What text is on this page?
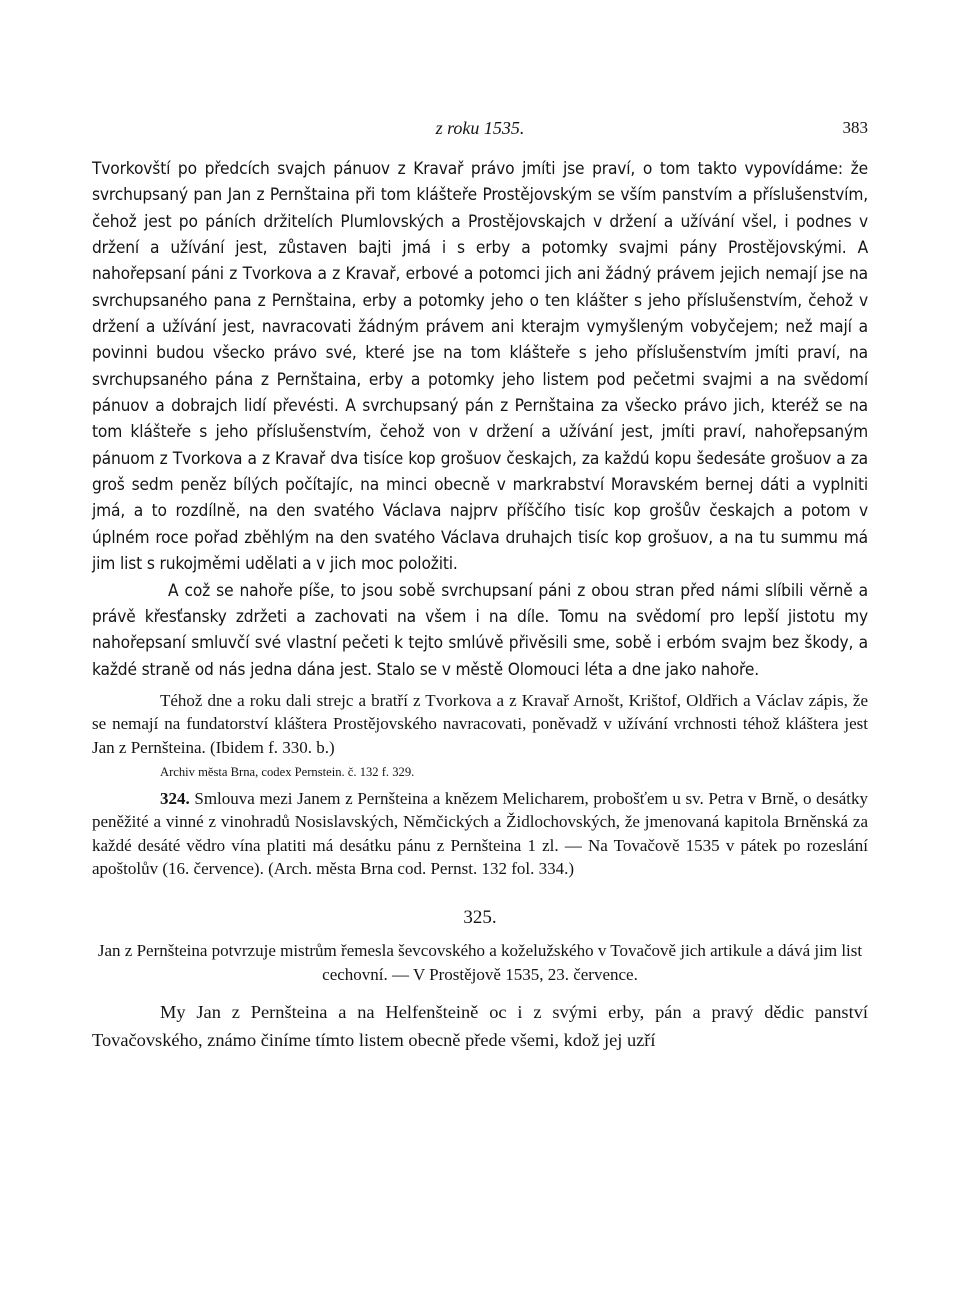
z roku 1535.	383

Tvorkovští po předcích svajch pánuov z Kravař právo jmíti jse praví, o tom takto vypovídáme: že svrchupsaný pan Jan z Pernštaina při tom klášteře Prostějovským se vším panstvím a příslušenstvím, čehož jest po páních držitelích Plumlovských a Prostějovskajch v držení a užívání všel, i podnes v držení a užívání jest, zůstaven bajti jmá i s erby a potomky svajmi pány Prostějovskými. A nahořepsaní páni z Tvorkova a z Kravař, erbové a potomci jich ani žádný právem jejich nemají jse na svrchupsaného pana z Pernštaina, erby a potomky jeho o ten klášter s jeho příslušenstvím, čehož v držení a užívání jest, navracovati žádným právem ani kterajm vymyšleným vobyčejem; než mají a povinni budou všecko právo své, které jse na tom klášteře s jeho příslušenstvím jmíti praví, na svrchupsaného pána z Pernštaina, erby a potomky jeho listem pod pečetmi svajmi a na svědomí pánuov a dobrajch lidí převésti. A svrchupsaný pán z Pernštaina za všecko právo jich, kteréž se na tom klášteře s jeho příslušenstvím, čehož von v držení a užívání jest, jmíti praví, nahořepsaným pánuom z Tvorkova a z Kravař dva tisíce kop grošuov českajch, za každú kopu šedesáte grošuov a za groš sedm peněz bílých počítajíc, na minci obecně v markrabství Moravském bernej dáti a vyplniti jmá, a to rozdílně, na den svatého Václava najprv příščího tisíc kop grošův českajch a potom v úplném roce pořad zběhlým na den svatého Václava druhajch tisíc kop grošuov, a na tu summu má jim list s rukojměmi udělati a v jich moc položiti.

A což se nahoře píše, to jsou sobě svrchupsaní páni z obou stran před námi slíbili věrně a právě křesťansky zdržeti a zachovati na všem i na díle. Tomu na svědomí pro lepší jistotu my nahořepsaní smluvčí své vlastní pečeti k tejto smlúvě přivěsili sme, sobě i erbóm svajm bez škody, a každé straně od nás jedna dána jest. Stalo se v městě Olomouci léta a dne jako nahoře.

Téhož dne a roku dali strejc a bratří z Tvorkova a z Kravař Arnošt, Krištof, Oldřich a Václav zápis, že se nemají na fundatorství kláštera Prostějovského navracovati, poněvadž v užívání vrchnosti téhož kláštera jest Jan z Pernšteina. (Ibidem f. 330. b.)

Archiv města Brna, codex Pernstein. č. 132 f. 329.

324. Smlouva mezi Janem z Pernšteina a knězem Melicharem, probošťem u sv. Petra v Brně, o desátky peněžité a vinné z vinohradů Nosislavských, Němčických a Židlochovských, že jmenovaná kapitola Brněnská za každé desáté vědro vína platiti má desátku pánu z Pernšteina 1 zl. — Na Tovačově 1535 v pátek po rozeslání apoštolův (16. července). (Arch. města Brna cod. Pernst. 132 fol. 334.)

325.

Jan z Pernšteina potvrzuje mistrům řemesla ševcovského a koželužského v Tovačově jich artikule a dává jim list cechovní. — V Prostějově 1535, 23. července.

My Jan z Pernšteina a na Helfenšteině oc i z svými erby, pán a pravý dědic panství Tovačovského, známo činíme tímto listem obecně přede všemi, kdož jej uzří
